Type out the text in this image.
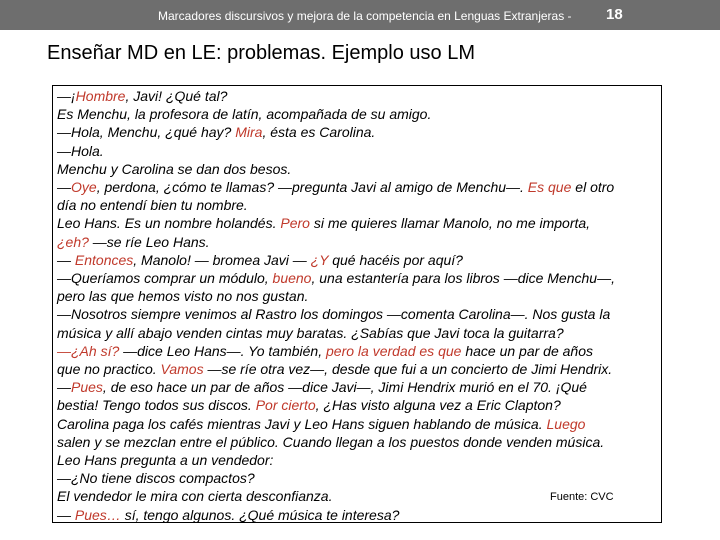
Marcadores discursivos y mejora de la competencia en Lenguas Extranjeras - 18
Enseñar MD en LE: problemas. Ejemplo uso LM
—¡Hombre, Javi! ¿Qué tal?
Es Menchu, la profesora de latín, acompañada de su amigo.
—Hola, Menchu, ¿qué hay? Mira, ésta es Carolina.
—Hola.
Menchu y Carolina se dan dos besos.
—Oye, perdona, ¿cómo te llamas? —pregunta Javi al amigo de Menchu—. Es que el otro
día no entendí bien tu nombre.
Leo Hans. Es un nombre holandés. Pero si me quieres llamar Manolo, no me importa,
¿eh? —se ríe Leo Hans.
— Entonces, Manolo! — bromea Javi — ¿Y qué hacéis por aquí?
—Queríamos comprar un módulo, bueno, una estantería para los libros —dice Menchu—,
pero las que hemos visto no nos gustan.
—Nosotros siempre venimos al Rastro los domingos —comenta Carolina—. Nos gusta la
música y allí abajo venden cintas muy baratas. ¿Sabías que Javi toca la guitarra?
—¿Ah sí? —dice Leo Hans—. Yo también, pero la verdad es que hace un par de años
que no practico. Vamos —se ríe otra vez—, desde que fui a un concierto de Jimi Hendrix.
—Pues, de eso hace un par de años —dice Javi—, Jimi Hendrix murió en el 70. ¡Qué
bestia! Tengo todos sus discos. Por cierto, ¿Has visto alguna vez a Eric Clapton?
Carolina paga los cafés mientras Javi y Leo Hans siguen hablando de música. Luego
salen y se mezclan entre el público. Cuando llegan a los puestos donde venden música.
Leo Hans pregunta a un vendedor:
—¿No tiene discos compactos?
El vendedor le mira con cierta desconfianza.
— Pues… sí, tengo algunos. ¿Qué música te interesa?
Fuente: CVC
